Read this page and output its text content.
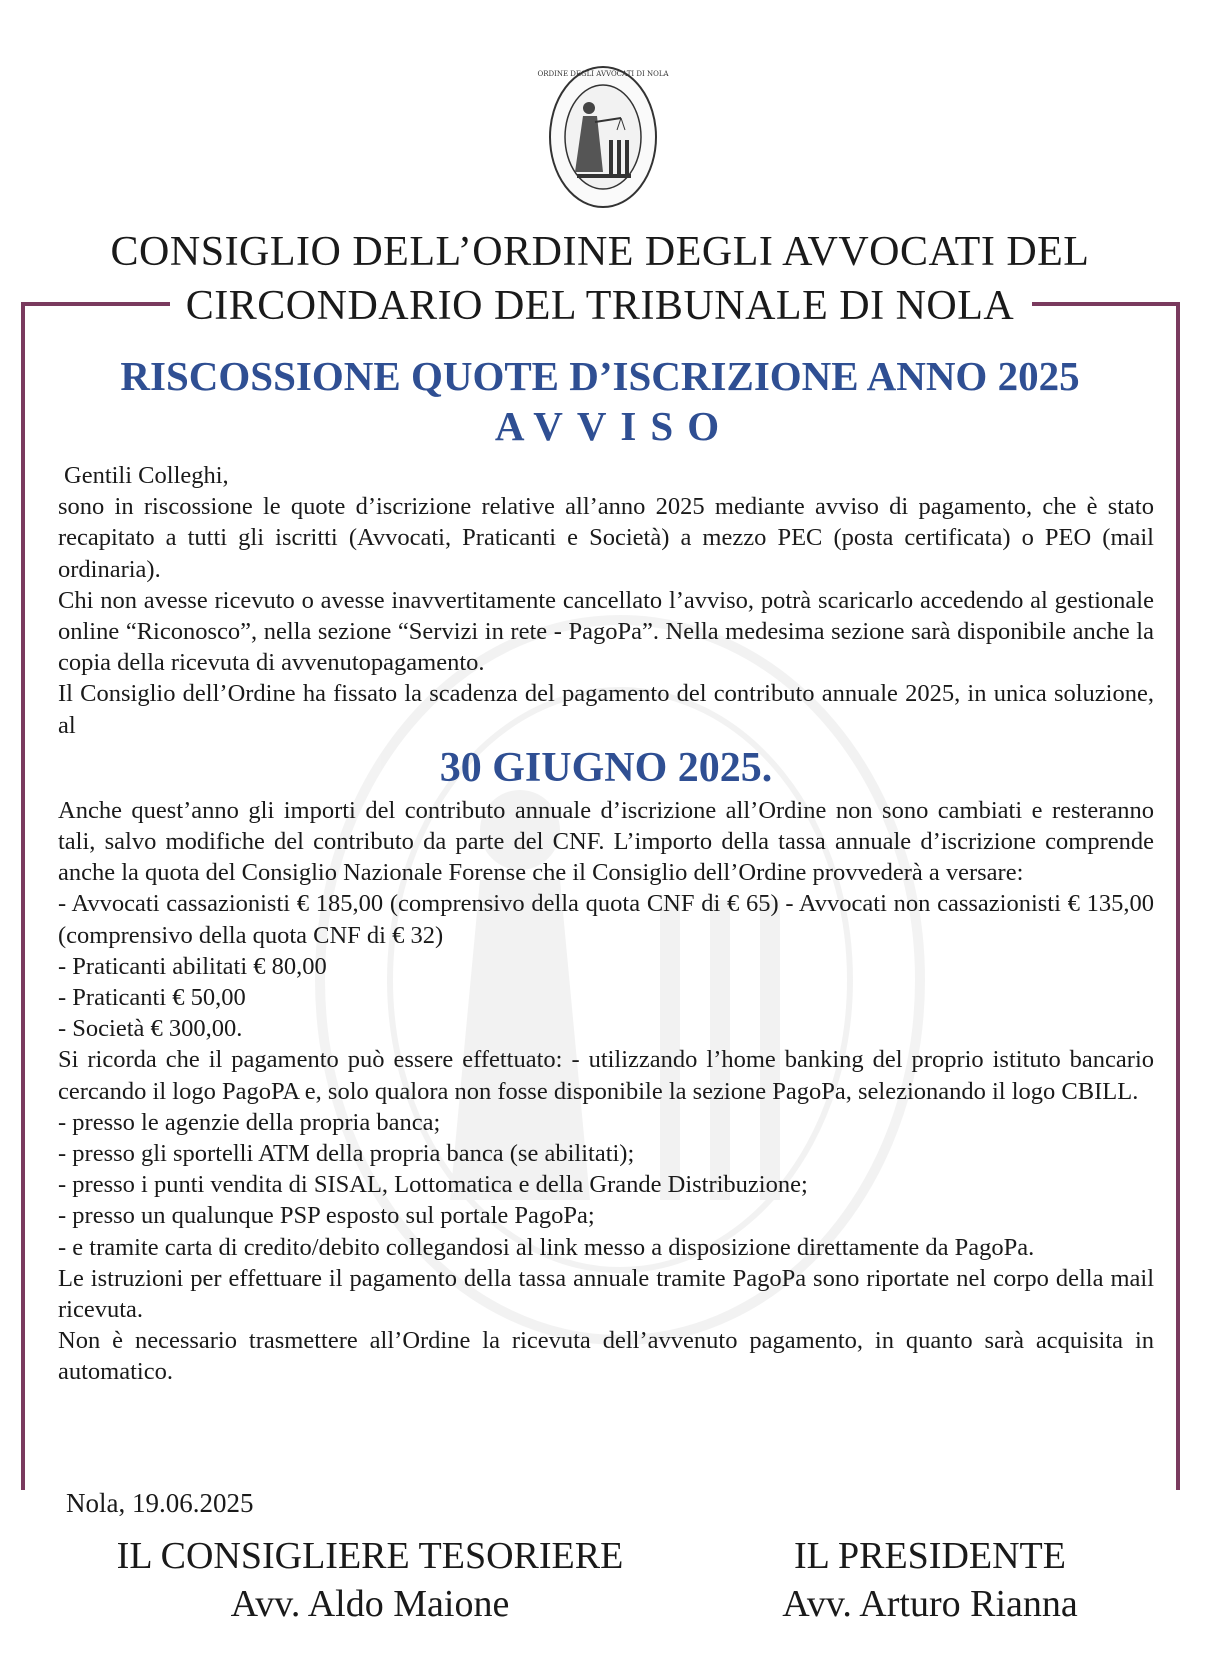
ORDINE DEGLI AVVOCATI DI NOLA
CONSIGLIO DELL’ORDINE DEGLI AVVOCATI DEL
CIRCONDARIO DEL TRIBUNALE DI NOLA
RISCOSSIONE QUOTE D’ISCRIZIONE ANNO 2025
AVVISO

Gentili Colleghi,

sono in riscossione le quote d’iscrizione relative all’anno 2025 mediante avviso di pagamento, che è stato recapitato a tutti gli iscritti (Avvocati, Praticanti e Società) a mezzo PEC (posta certificata) o PEO (mail ordinaria).

Chi non avesse ricevuto o avesse inavvertitamente cancellato l’avviso, potrà scaricarlo accedendo al gestionale online “Riconosco”, nella sezione “Servizi in rete - PagoPa”. Nella medesima sezione sarà disponibile anche la copia della ricevuta di avvenutopagamento.

Il Consiglio dell’Ordine ha fissato la scadenza del pagamento del contributo annuale 2025, in unica soluzione, al

30 GIUGNO 2025.

Anche quest’anno gli importi del contributo annuale d’iscrizione all’Ordine non sono cambiati e resteranno tali, salvo modifiche del contributo da parte del CNF. L’importo della tassa annuale d’iscrizione comprende anche la quota del Consiglio Nazionale Forense che il Consiglio dell’Ordine provvederà a versare:

- Avvocati cassazionisti € 185,00 (comprensivo della quota CNF di € 65) - Avvocati non cassazionisti € 135,00 (comprensivo della quota CNF di € 32)

- Praticanti abilitati € 80,00

- Praticanti € 50,00

- Società € 300,00.

Si ricorda che il pagamento può essere effettuato: - utilizzando l’home banking del proprio istituto bancario cercando il logo PagoPA e, solo qualora non fosse disponibile la sezione PagoPa, selezionando il logo CBILL.

- presso le agenzie della propria banca;

- presso gli sportelli ATM della propria banca (se abilitati);

- presso i punti vendita di SISAL, Lottomatica e della Grande Distribuzione;

- presso un qualunque PSP esposto sul portale PagoPa;

- e tramite carta di credito/debito collegandosi al link messo a disposizione direttamente da PagoPa.

Le istruzioni per effettuare il pagamento della tassa annuale tramite PagoPa sono riportate nel corpo della mail ricevuta.

Non è necessario trasmettere all’Ordine la ricevuta dell’avvenuto pagamento, in quanto sarà acquisita in automatico.

Nola, 19.06.2025
IL CONSIGLIERE TESORIERE
Avv. Aldo Maione
IL PRESIDENTE
Avv. Arturo Rianna
